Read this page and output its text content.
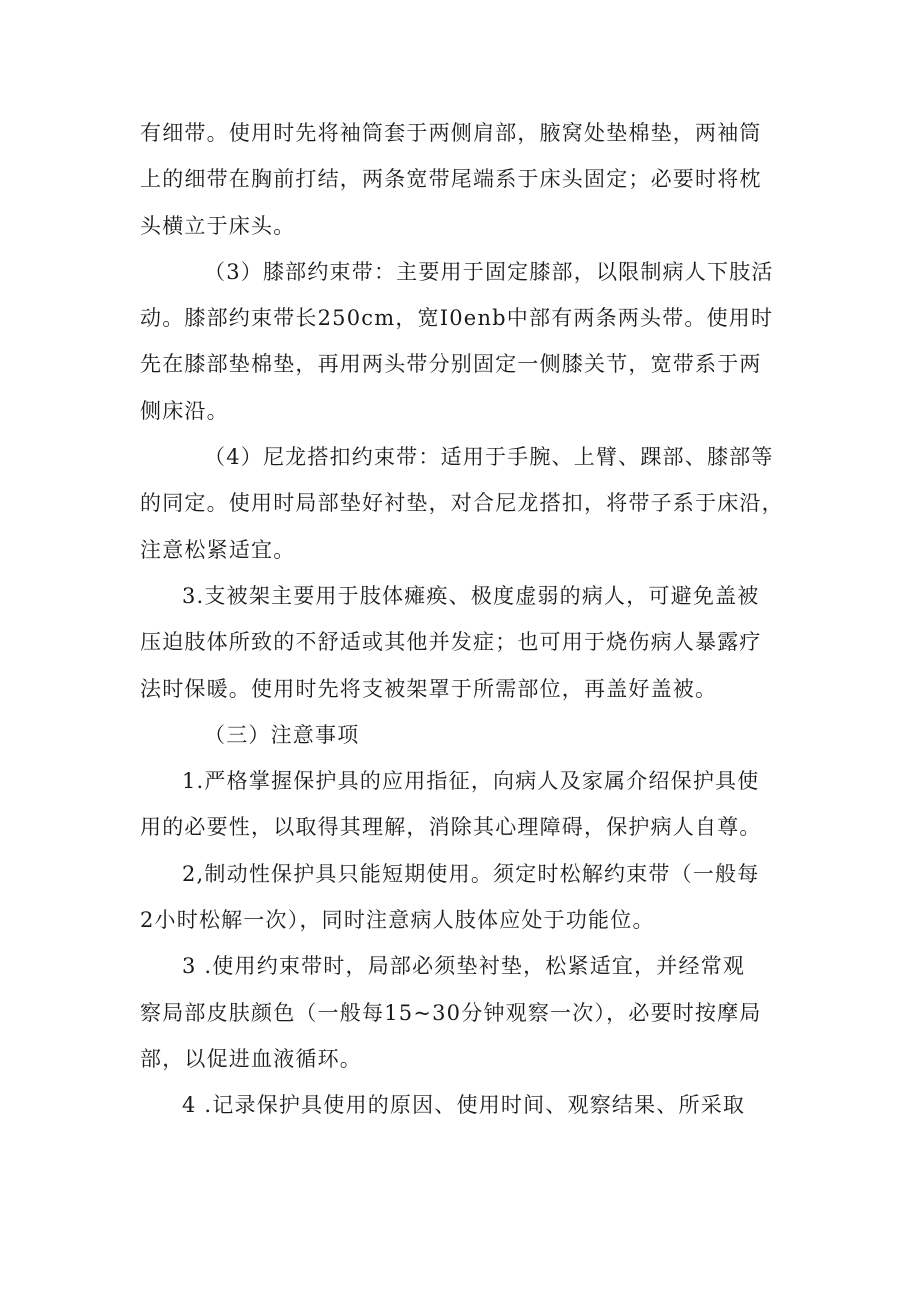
有细带。使用时先将袖筒套于两侧肩部，腋窝处垫棉垫，两袖筒
上的细带在胸前打结，两条宽带尾端系于床头固定；必要时将枕
头横立于床头。
（3）膝部约束带：主要用于固定膝部，以限制病人下肢活
动。膝部约束带长250cm，宽I0enb中部有两条两头带。使用时
先在膝部垫棉垫，再用两头带分别固定一侧膝关节，宽带系于两
侧床沿。
（4）尼龙搭扣约束带：适用于手腕、上臂、踝部、膝部等
的同定。使用时局部垫好衬垫，对合尼龙搭扣，将带子系于床沿，
注意松紧适宜。
3.支被架主要用于肢体瘫痪、极度虚弱的病人，可避免盖被
压迫肢体所致的不舒适或其他并发症；也可用于烧伤病人暴露疗
法时保暖。使用时先将支被架罩于所需部位，再盖好盖被。
（三）注意事项
1.严格掌握保护具的应用指征，向病人及家属介绍保护具使
用的必要性，以取得其理解，消除其心理障碍，保护病人自尊。
2,制动性保护具只能短期使用。须定时松解约束带（一般每
2小时松解一次），同时注意病人肢体应处于功能位。
3 .使用约束带时，局部必须垫衬垫，松紧适宜，并经常观
察局部皮肤颜色（一般每15~30分钟观察一次），必要时按摩局
部，以促进血液循环。
4 .记录保护具使用的原因、使用时间、观察结果、所采取
